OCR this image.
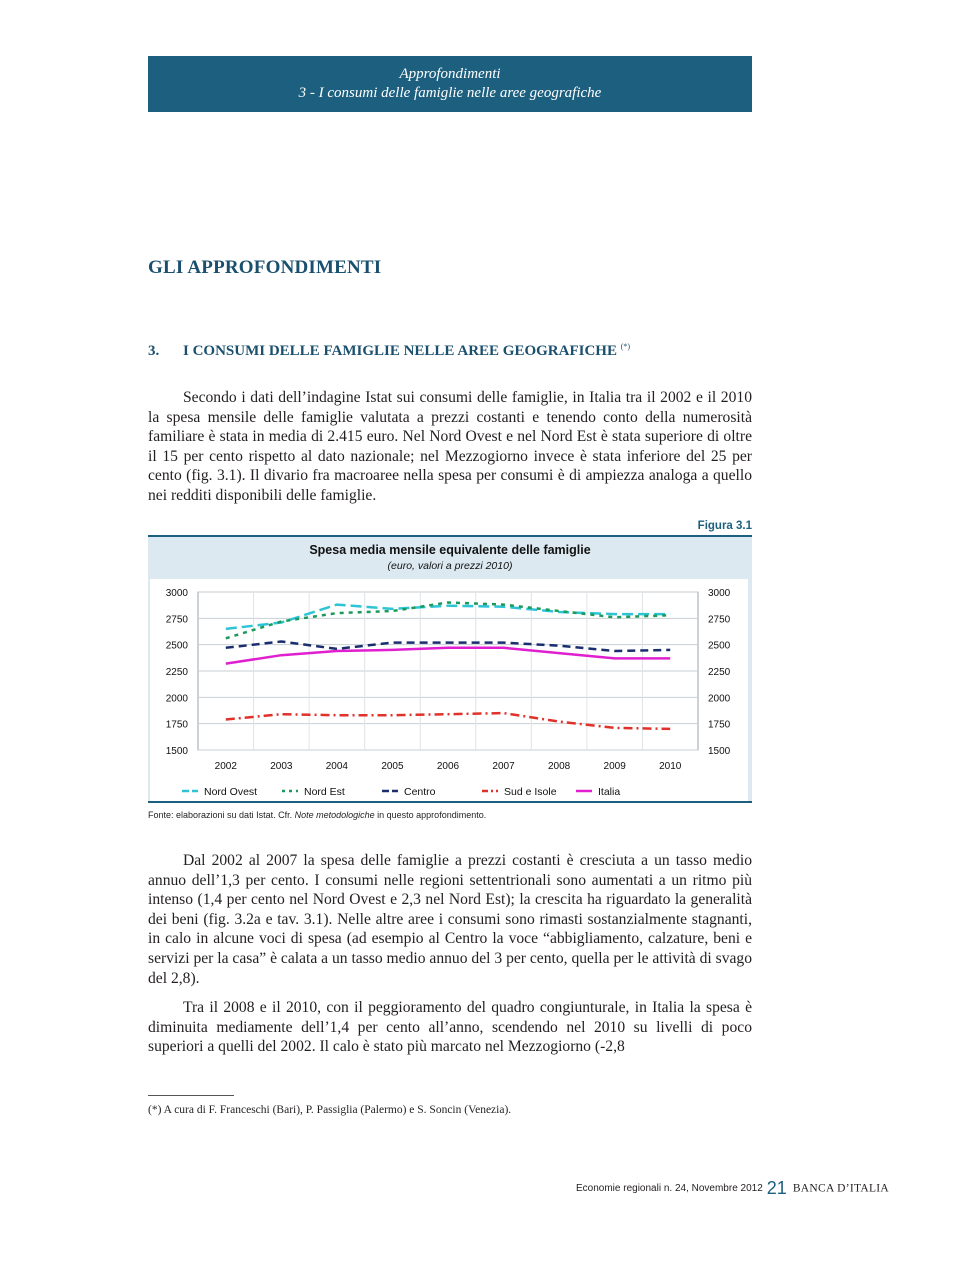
Approfondimenti
3 - I consumi delle famiglie nelle aree geografiche
GLI APPROFONDIMENTI
3. I CONSUMI DELLE FAMIGLIE NELLE AREE GEOGRAFICHE (*)

Secondo i dati dell’indagine Istat sui consumi delle famiglie, in Italia tra il 2002 e il 2010 la spesa mensile delle famiglie valutata a prezzi costanti e tenendo conto della numerosità familiare è stata in media di 2.415 euro. Nel Nord Ovest e nel Nord Est è stata superiore di oltre il 15 per cento rispetto al dato nazionale; nel Mezzogiorno invece è stata inferiore del 25 per cento (fig. 3.1). Il divario fra macroaree nella spesa per consumi è di ampiezza analoga a quello nei redditi disponibili delle famiglie.

Figura 3.1
Spesa media mensile equivalente delle famiglie
(euro, valori a prezzi 2010)
1500	1500
1750	1750
2000	2000
2250	2250
2500	2500
2750	2750
3000	3000
2002	2003	2004	2005	2006	2007	2008	2009	2010
Nord Ovest	Nord Est	Centro	Sud e Isole	Italia
Fonte: elaborazioni su dati Istat. Cfr. Note metodologiche in questo approfondimento.

Dal 2002 al 2007 la spesa delle famiglie a prezzi costanti è cresciuta a un tasso medio annuo dell’1,3 per cento. I consumi nelle regioni settentrionali sono aumentati a un ritmo più intenso (1,4 per cento nel Nord Ovest e 2,3 nel Nord Est); la crescita ha riguardato la generalità dei beni (fig. 3.2a e tav. 3.1). Nelle altre aree i consumi sono rimasti sostanzialmente stagnanti, in calo in alcune voci di spesa (ad esempio al Centro la voce “abbigliamento, calzature, beni e servizi per la casa” è calata a un tasso medio annuo del 3 per cento, quella per le attività di svago del 2,8).

Tra il 2008 e il 2010, con il peggioramento del quadro congiunturale, in Italia la spesa è diminuita mediamente dell’1,4 per cento all’anno, scendendo nel 2010 su livelli di poco superiori a quelli del 2002. Il calo è stato più marcato nel Mezzogiorno (-2,8

(*) A cura di F. Franceschi (Bari), P. Passiglia (Palermo) e S. Soncin (Venezia).
Economie regionali n. 24, Novembre 2012 21 BANCA D’ITALIA
